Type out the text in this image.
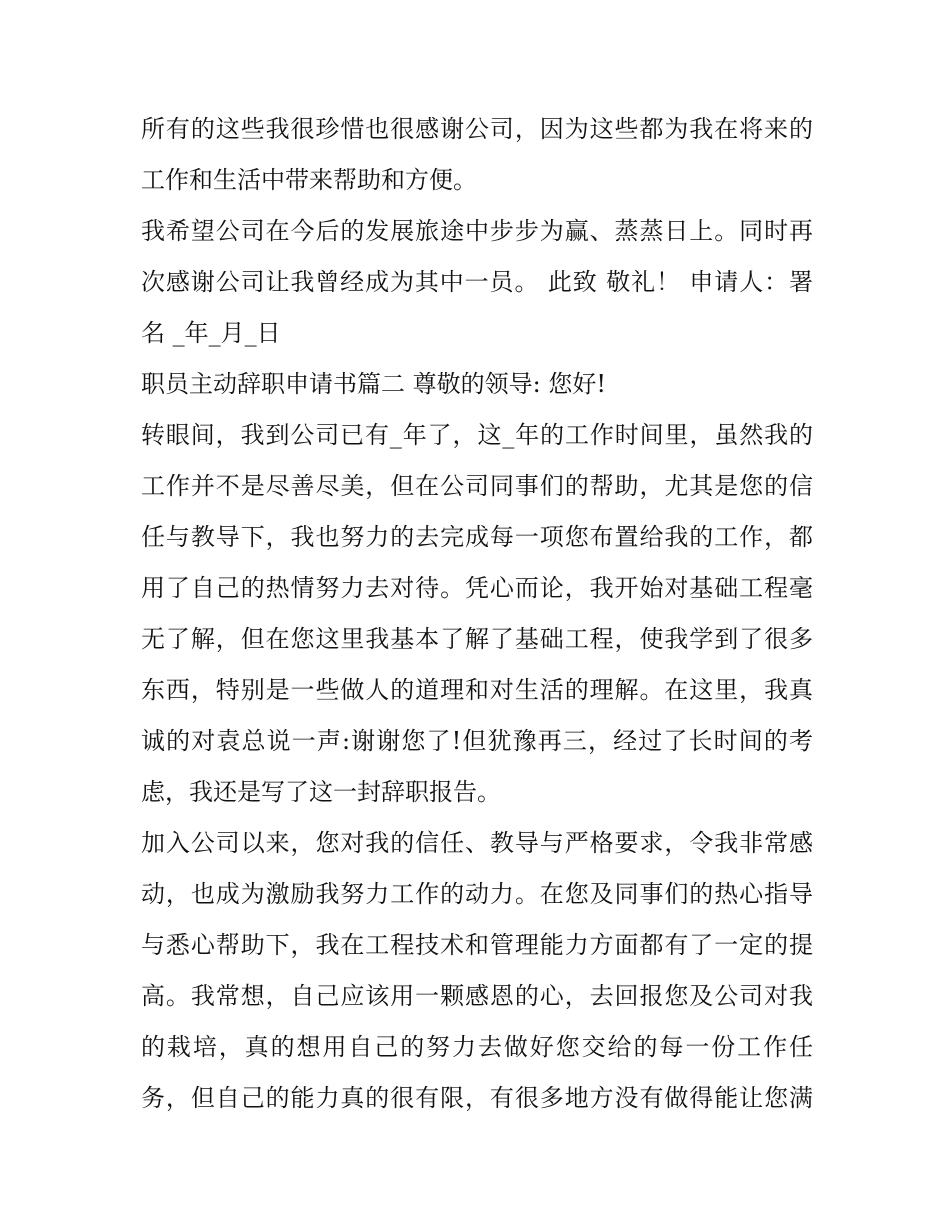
所有的这些我很珍惜也很感谢公司，因为这些都为我在将来的
工作和生活中带来帮助和方便。
我希望公司在今后的发展旅途中步步为赢、蒸蒸日上。同时再
次感谢公司让我曾经成为其中一员。 此致 敬礼！ 申请人：署
名 _年_月_日
职员主动辞职申请书篇二 尊敬的领导: 您好!
转眼间，我到公司已有_年了，这_年的工作时间里，虽然我的
工作并不是尽善尽美，但在公司同事们的帮助，尤其是您的信
任与教导下，我也努力的去完成每一项您布置给我的工作，都
用了自己的热情努力去对待。凭心而论，我开始对基础工程毫
无了解，但在您这里我基本了解了基础工程，使我学到了很多
东西，特别是一些做人的道理和对生活的理解。在这里，我真
诚的对袁总说一声:谢谢您了!但犹豫再三，经过了长时间的考
虑，我还是写了这一封辞职报告。
加入公司以来，您对我的信任、教导与严格要求，令我非常感
动，也成为激励我努力工作的动力。在您及同事们的热心指导
与悉心帮助下，我在工程技术和管理能力方面都有了一定的提
高。我常想，自己应该用一颗感恩的心，去回报您及公司对我
的栽培，真的想用自己的努力去做好您交给的每一份工作任
务，但自己的能力真的很有限，有很多地方没有做得能让您满
